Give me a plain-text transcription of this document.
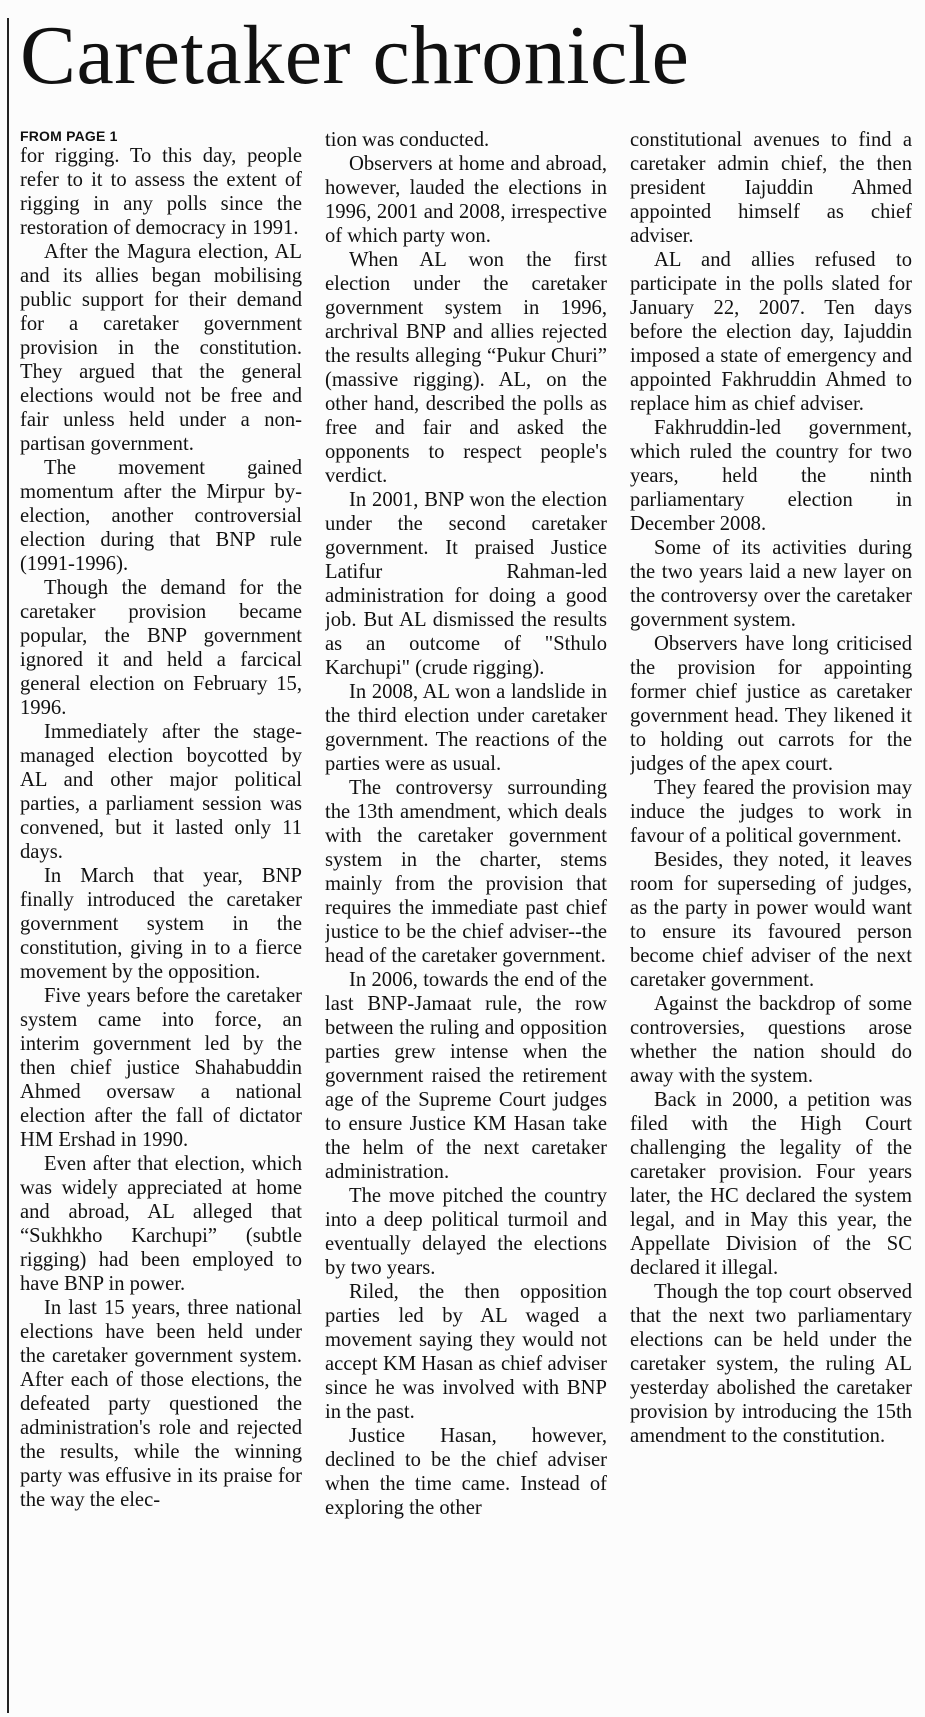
Caretaker chronicle
FROM PAGE 1

for rigging. To this day, people refer to it to assess the extent of rigging in any polls since the restoration of democracy in 1991.

After the Magura election, AL and its allies began mobilising public support for their demand for a caretaker government provision in the constitution. They argued that the general elections would not be free and fair unless held under a non-partisan government.

The movement gained momentum after the Mirpur by-election, another controversial election during that BNP rule (1991-1996).

Though the demand for the caretaker provision became popular, the BNP government ignored it and held a farcical general election on February 15, 1996.

Immediately after the stage-managed election boycotted by AL and other major political parties, a parliament session was convened, but it lasted only 11 days.

In March that year, BNP finally introduced the caretaker government system in the constitution, giving in to a fierce movement by the opposition.

Five years before the caretaker system came into force, an interim government led by the then chief justice Shahabuddin Ahmed oversaw a national election after the fall of dictator HM Ershad in 1990.

Even after that election, which was widely appreciated at home and abroad, AL alleged that “Sukhkho Karchupi” (subtle rigging) had been employed to have BNP in power.

In last 15 years, three national elections have been held under the caretaker government system. After each of those elections, the defeated party questioned the administration's role and rejected the results, while the winning party was effusive in its praise for the way the elec-

tion was conducted.

Observers at home and abroad, however, lauded the elections in 1996, 2001 and 2008, irrespective of which party won.

When AL won the first election under the caretaker government system in 1996, archrival BNP and allies rejected the results alleging “Pukur Churi” (massive rigging). AL, on the other hand, described the polls as free and fair and asked the opponents to respect people's verdict.

In 2001, BNP won the election under the second caretaker government. It praised Justice Latifur Rahman-led administration for doing a good job. But AL dismissed the results as an outcome of "Sthulo Karchupi" (crude rigging).

In 2008, AL won a landslide in the third election under caretaker government. The reactions of the parties were as usual.

The controversy surrounding the 13th amendment, which deals with the caretaker government system in the charter, stems mainly from the provision that requires the immediate past chief justice to be the chief adviser--the head of the caretaker government.

In 2006, towards the end of the last BNP-Jamaat rule, the row between the ruling and opposition parties grew intense when the government raised the retirement age of the Supreme Court judges to ensure Justice KM Hasan take the helm of the next caretaker administration.

The move pitched the country into a deep political turmoil and eventually delayed the elections by two years.

Riled, the then opposition parties led by AL waged a movement saying they would not accept KM Hasan as chief adviser since he was involved with BNP in the past.

Justice Hasan, however, declined to be the chief adviser when the time came. Instead of exploring the other

constitutional avenues to find a caretaker admin chief, the then president Iajuddin Ahmed appointed himself as chief adviser.

AL and allies refused to participate in the polls slated for January 22, 2007. Ten days before the election day, Iajuddin imposed a state of emergency and appointed Fakhruddin Ahmed to replace him as chief adviser.

Fakhruddin-led government, which ruled the country for two years, held the ninth parliamentary election in December 2008.

Some of its activities during the two years laid a new layer on the controversy over the caretaker government system.

Observers have long criticised the provision for appointing former chief justice as caretaker government head. They likened it to holding out carrots for the judges of the apex court.

They feared the provision may induce the judges to work in favour of a political government.

Besides, they noted, it leaves room for superseding of judges, as the party in power would want to ensure its favoured person become chief adviser of the next caretaker government.

Against the backdrop of some controversies, questions arose whether the nation should do away with the system.

Back in 2000, a petition was filed with the High Court challenging the legality of the caretaker provision. Four years later, the HC declared the system legal, and in May this year, the Appellate Division of the SC declared it illegal.

Though the top court observed that the next two parliamentary elections can be held under the caretaker system, the ruling AL yesterday abolished the caretaker provision by introducing the 15th amendment to the constitution.
